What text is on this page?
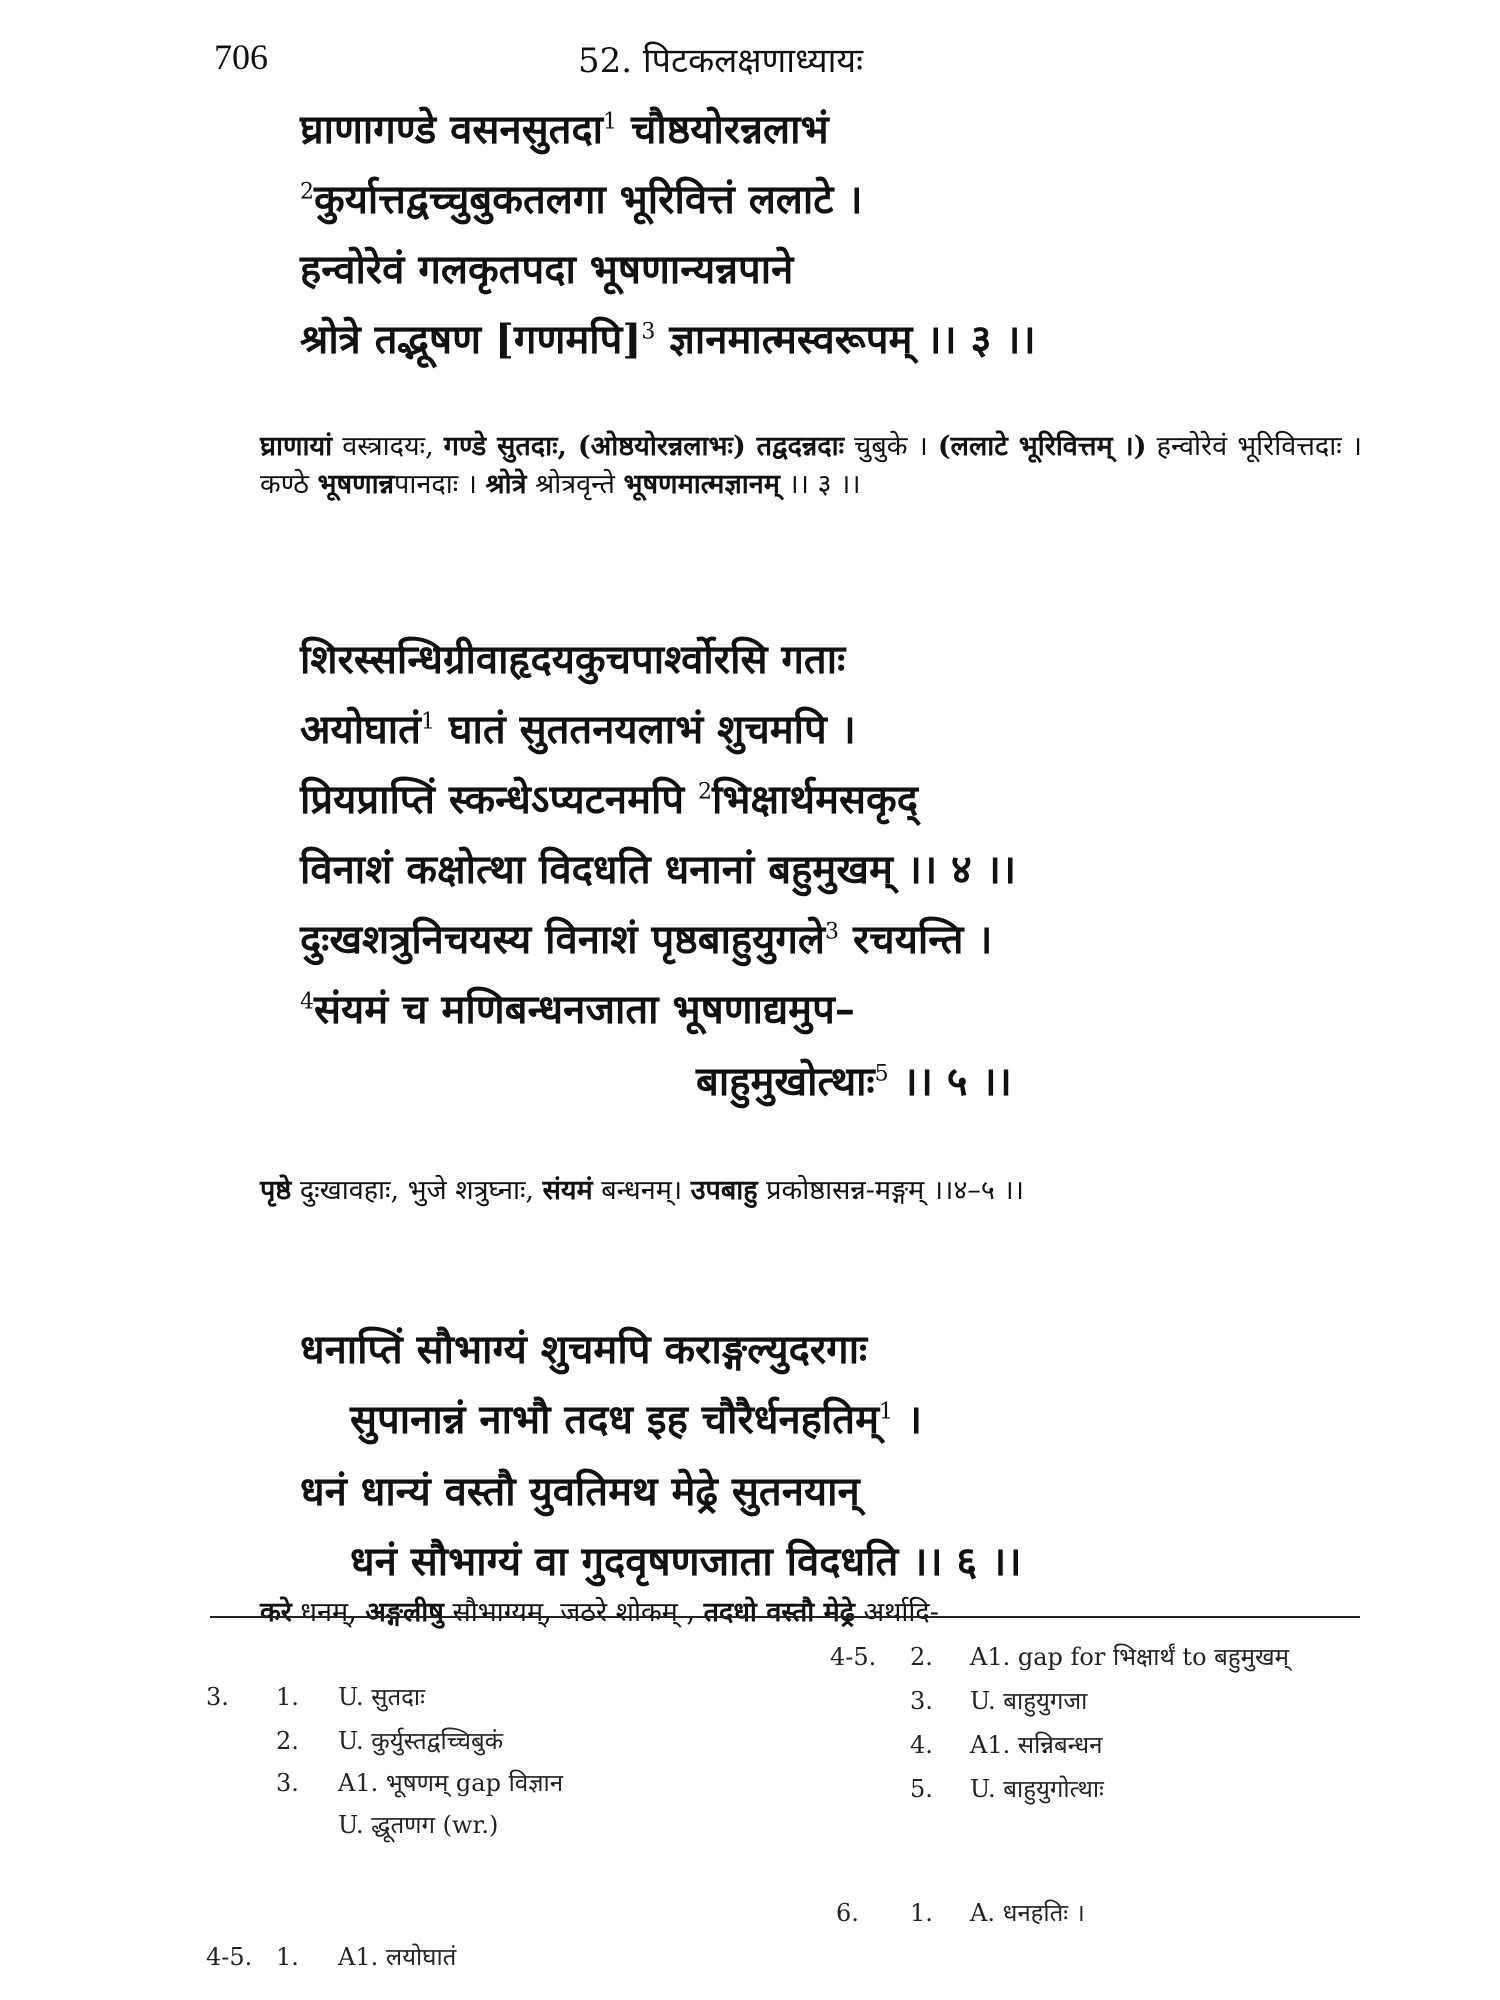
706	52. पिटकलक्षणाध्यायः
घ्राणागण्डे वसनसुतदा$^1$ चौष्ठयोरन्नलाभं
$^2$कुर्यात्तद्वच्चुबुकतलगा भूरिवित्तं ललाटे ।
हन्वोरेवं गलकृतपदा भूषणान्यन्नपाने
श्रोत्रे तद्भूषण [गणमपि]$^3$ ज्ञानमात्मस्वरूपम् ।। ३ ।।
घ्राणायां वस्त्रादयः, गण्डे सुतदाः, (ओष्ठयोरन्नलाभः) तद्वदन्नदाः चुबुके । (ललाटे भूरिवित्तम् ।) हन्वोरेवं भूरिवित्तदाः । कण्ठे भूषणान्नपानदाः । श्रोत्रे श्रोत्रवृन्ते भूषणमात्मज्ञानम् ।। ३ ।।
शिरस्सन्धिग्रीवाहृदयकुचपार्श्वोरसि गताः
अयोघातं$^1$ घातं सुततनयलाभं शुचमपि ।
प्रियप्राप्तिं स्कन्धेऽप्यटनमपि $^2$भिक्षार्थमसकृद्
विनाशं कक्षोत्था विदधति धनानां बहुमुखम् ।। ४ ।।
दुःखशत्रुनिचयस्य विनाशं पृष्ठबाहुयुगले$^3$ रचयन्ति ।
$^4$संयमं च मणिबन्धनजाता भूषणाद्यमुप–
बाहुमुखोत्थाः$^5$ ।। ५ ।।
पृष्ठे दुःखावहाः, भुजे शत्रुघ्नाः, संयमं बन्धनम्। उपबाहु प्रकोष्ठासन्न-मङ्गम् ।।४–५ ।।
धनाप्तिं सौभाग्यं शुचमपि कराङ्गल्युदरगाः
सुपानान्नं नाभौ तदध इह चौरैर्धनहतिम्$^1$ ।
धनं धान्यं वस्तौ युवतिमथ मेढ्रे सुतनयान्
धनं सौभाग्यं वा गुदवृषणजाता विदधति ।। ६ ।।
करे धनम्, अङ्गलीषु सौभाग्यम्, जठरे शोकम् , तदधो वस्तौ मेढ्रे अर्थादि-
3. 1. U. सुतदाः
2. U. कुर्युस्तद्वच्चिबुकं
3. A1. भूषणम् gap विज्ञान
U. द्धूतणग (wr.)
4-5. 1. A1. लयोघातं
4-5. 2. A1. gap for भिक्षार्थं to बहुमुखम्
3. U. बाहुयुगजा
4. A1. सन्निबन्धन
5. U. बाहुयुगोत्थाः
6. 1. A. धनहतिः ।
